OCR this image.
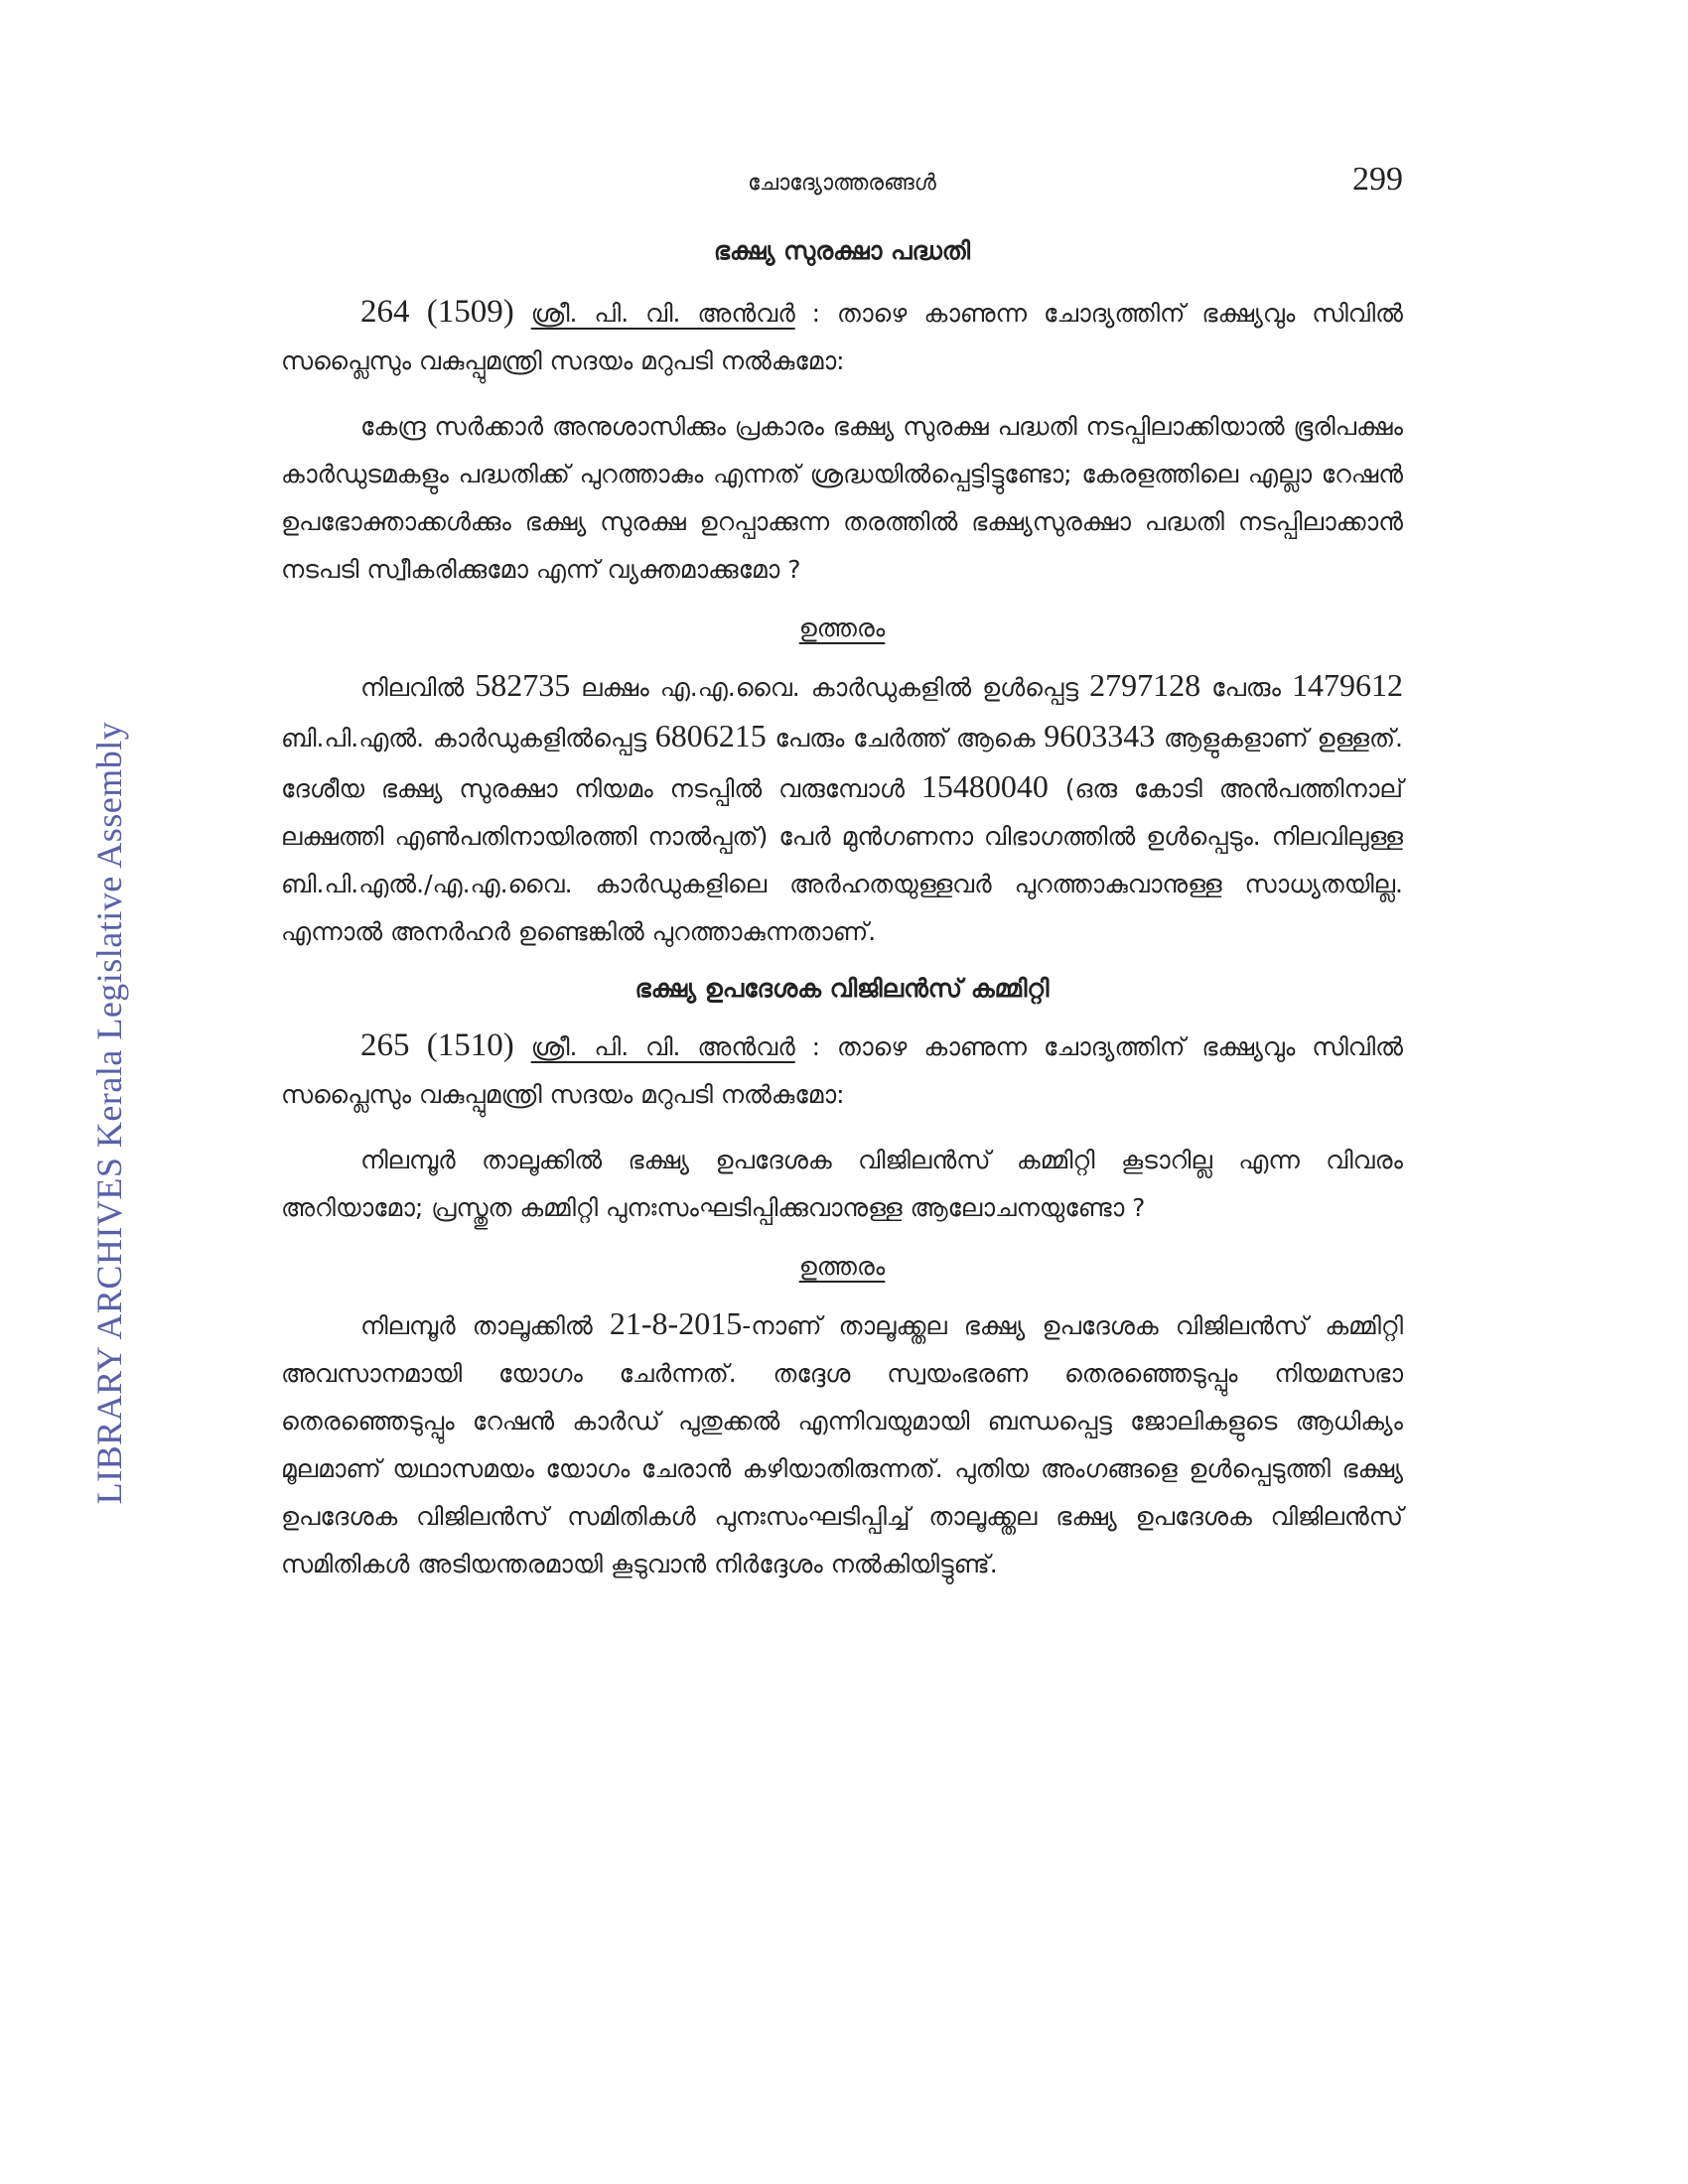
LIBRARY ARCHIVES Kerala Legislative Assembly
ചോദ്യോത്തരങ്ങൾ	299
ഭക്ഷ്യ സുരക്ഷാ പദ്ധതി

264 (1509) ശ്രീ. പി. വി. അൻവർ : താഴെ കാണുന്ന ചോദ്യത്തിന് ഭക്ഷ്യവും സിവിൽ സപ്ലൈസും വകുപ്പുമന്ത്രി സദയം മറുപടി നൽകുമോ:

കേന്ദ്ര സർക്കാർ അനുശാസിക്കും പ്രകാരം ഭക്ഷ്യ സുരക്ഷ പദ്ധതി നടപ്പിലാക്കിയാൽ ഭൂരിപക്ഷം കാർഡുടമകളും പദ്ധതിക്ക് പുറത്താകും എന്നത് ശ്രദ്ധയിൽപ്പെട്ടിട്ടുണ്ടോ; കേരളത്തിലെ എല്ലാ റേഷൻ ഉപഭോക്താക്കൾക്കും ഭക്ഷ്യ സുരക്ഷ ഉറപ്പാക്കുന്ന തരത്തിൽ ഭക്ഷ്യസുരക്ഷാ പദ്ധതി നടപ്പിലാക്കാൻ നടപടി സ്വീകരിക്കുമോ എന്ന് വ്യക്തമാക്കുമോ ?

ഉത്തരം

നിലവിൽ 582735 ലക്ഷം എ.എ.വൈ. കാർഡുകളിൽ ഉൾപ്പെട്ട 2797128 പേരും 1479612 ബി.പി.എൽ. കാർഡുകളിൽപ്പെട്ട 6806215 പേരും ചേർത്ത് ആകെ 9603343 ആളുകളാണ് ഉള്ളത്. ദേശീയ ഭക്ഷ്യ സുരക്ഷാ നിയമം നടപ്പിൽ വരുമ്പോൾ 15480040 (ഒരു കോടി അൻപത്തിനാല് ലക്ഷത്തി എൺപതിനായിരത്തി നാൽപ്പത്) പേർ മുൻഗണനാ വിഭാഗത്തിൽ ഉൾപ്പെടും. നിലവിലുള്ള ബി.പി.എൽ./എ.എ.വൈ. കാർഡുകളിലെ അർഹതയുള്ളവർ പുറത്താകുവാനുള്ള സാധ്യതയില്ല. എന്നാൽ അനർഹർ ഉണ്ടെങ്കിൽ പുറത്താകുന്നതാണ്.

ഭക്ഷ്യ ഉപദേശക വിജിലൻസ് കമ്മിറ്റി

265 (1510) ശ്രീ. പി. വി. അൻവർ : താഴെ കാണുന്ന ചോദ്യത്തിന് ഭക്ഷ്യവും സിവിൽ സപ്ലൈസും വകുപ്പുമന്ത്രി സദയം മറുപടി നൽകുമോ:

നിലമ്പൂർ താലൂക്കിൽ ഭക്ഷ്യ ഉപദേശക വിജിലൻസ് കമ്മിറ്റി കൂടാറില്ല എന്ന വിവരം അറിയാമോ; പ്രസ്തുത കമ്മിറ്റി പുനഃസംഘടിപ്പിക്കുവാനുള്ള ആലോചനയുണ്ടോ ?

ഉത്തരം

നിലമ്പൂർ താലൂക്കിൽ 21-8-2015-നാണ് താലൂക്ക്തല ഭക്ഷ്യ ഉപദേശക വിജിലൻസ് കമ്മിറ്റി അവസാനമായി യോഗം ചേർന്നത്. തദ്ദേശ സ്വയംഭരണ തെരഞ്ഞെടുപ്പും നിയമസഭാ തെരഞ്ഞെടുപ്പും റേഷൻ കാർഡ് പുതുക്കൽ എന്നിവയുമായി ബന്ധപ്പെട്ട ജോലികളുടെ ആധിക്യം മൂലമാണ് യഥാസമയം യോഗം ചേരാൻ കഴിയാതിരുന്നത്. പുതിയ അംഗങ്ങളെ ഉൾപ്പെടുത്തി ഭക്ഷ്യ ഉപദേശക വിജിലൻസ് സമിതികൾ പുനഃസംഘടിപ്പിച്ച് താലൂക്ക്തല ഭക്ഷ്യ ഉപദേശക വിജിലൻസ് സമിതികൾ അടിയന്തരമായി കൂടുവാൻ നിർദ്ദേശം നൽകിയിട്ടുണ്ട്.
